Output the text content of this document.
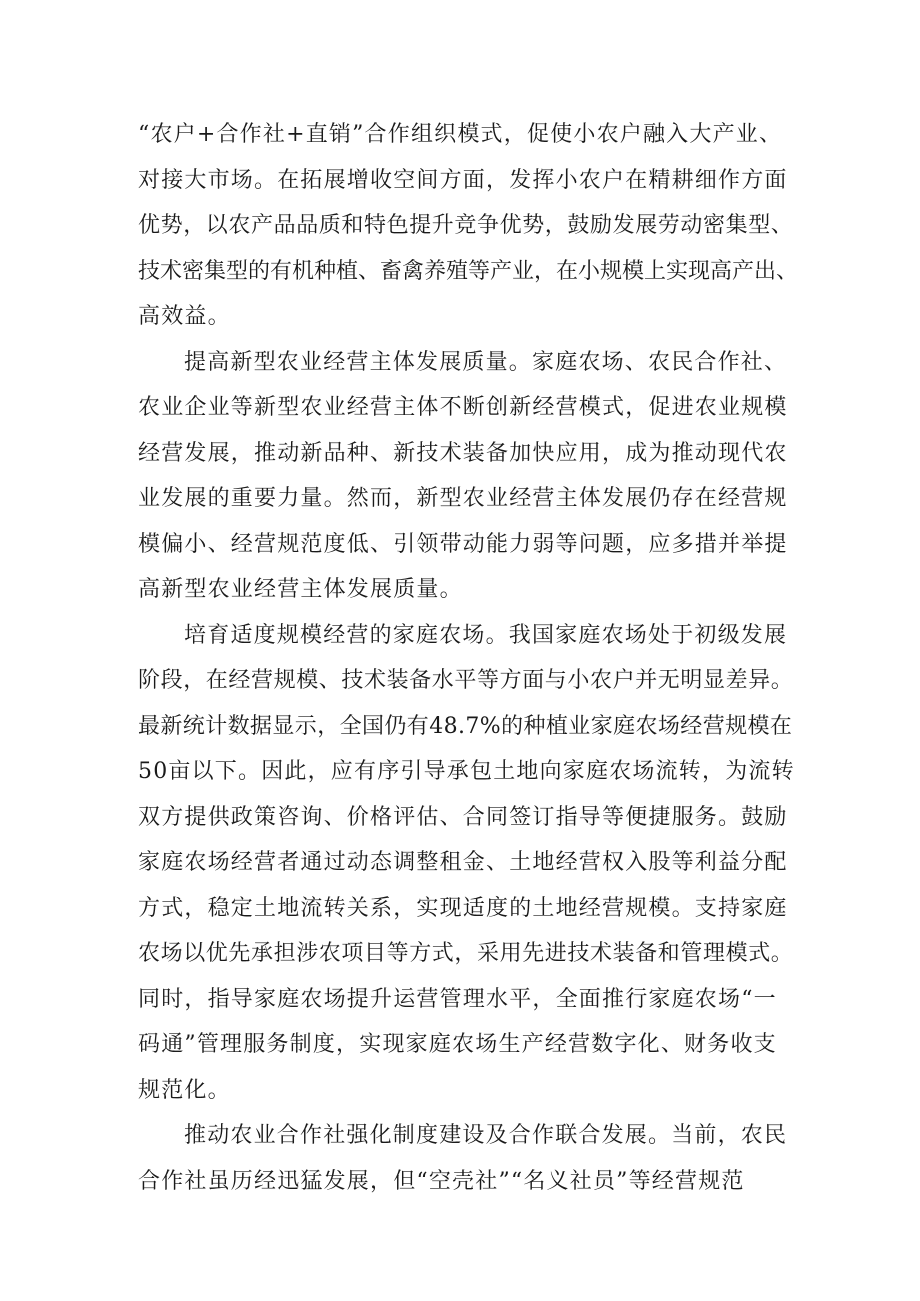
“农户+合作社+直销”合作组织模式，促使小农户融入大产业、
对接大市场。在拓展增收空间方面，发挥小农户在精耕细作方面
优势，以农产品品质和特色提升竞争优势，鼓励发展劳动密集型、
技术密集型的有机种植、畜禽养殖等产业，在小规模上实现高产出、
高效益。
提高新型农业经营主体发展质量。家庭农场、农民合作社、
农业企业等新型农业经营主体不断创新经营模式，促进农业规模
经营发展，推动新品种、新技术装备加快应用，成为推动现代农
业发展的重要力量。然而，新型农业经营主体发展仍存在经营规
模偏小、经营规范度低、引领带动能力弱等问题，应多措并举提
高新型农业经营主体发展质量。
培育适度规模经营的家庭农场。我国家庭农场处于初级发展
阶段，在经营规模、技术装备水平等方面与小农户并无明显差异。
最新统计数据显示，全国仍有48.7%的种植业家庭农场经营规模在
50亩以下。因此，应有序引导承包土地向家庭农场流转，为流转
双方提供政策咨询、价格评估、合同签订指导等便捷服务。鼓励
家庭农场经营者通过动态调整租金、土地经营权入股等利益分配
方式，稳定土地流转关系，实现适度的土地经营规模。支持家庭
农场以优先承担涉农项目等方式，采用先进技术装备和管理模式。
同时，指导家庭农场提升运营管理水平，全面推行家庭农场“一
码通”管理服务制度，实现家庭农场生产经营数字化、财务收支
规范化。
推动农业合作社强化制度建设及合作联合发展。当前，农民
合作社虽历经迅猛发展，但“空壳社”“名义社员”等经营规范
